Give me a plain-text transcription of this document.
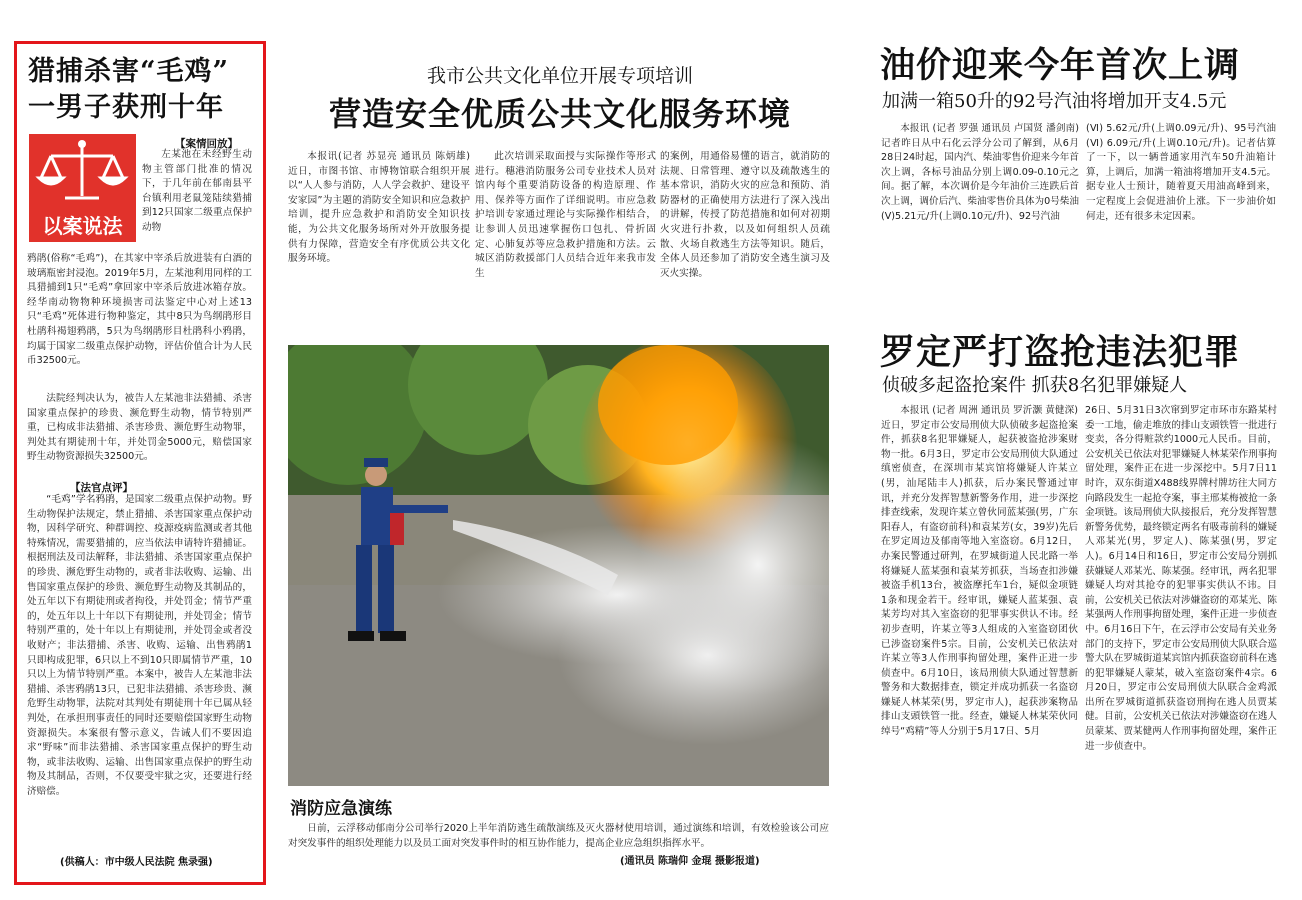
猎捕杀害“毛鸡”
一男子获刑十年
以案说法
【案情回放】

左某池在未经野生动物主管部门批准的情况下，于几年前在郁南县平台镇利用老鼠笼陆续猎捕到12只国家二级重点保护动物

鸦鹃(俗称“毛鸡”)，在其家中宰杀后放进装有白酒的玻璃瓶密封浸泡。2019年5月，左某池利用同样的工具猎捕到1只“毛鸡”拿回家中宰杀后放进冰箱存放。经华南动物物种环境损害司法鉴定中心对上述13只“毛鸡”死体进行物种鉴定，其中8只为鸟纲鹃形目杜鹃科褐翅鸦鹃，5只为鸟纲鹃形目杜鹃科小鸦鹃，均属于国家二级重点保护动物，评估价值合计为人民币32500元。

法院经判决认为，被告人左某池非法猎捕、杀害国家重点保护的珍贵、濒危野生动物，情节特别严重，已构成非法猎捕、杀害珍贵、濒危野生动物罪，判处其有期徒刑十年，并处罚金5000元，赔偿国家野生动物资源损失32500元。

【法官点评】

“毛鸡”学名鸦鹃，是国家二级重点保护动物。野生动物保护法规定，禁止猎捕、杀害国家重点保护动物，因科学研究、种群调控、疫源疫病监测或者其他特殊情况，需要猎捕的，应当依法申请特许猎捕证。根据刑法及司法解释，非法猎捕、杀害国家重点保护的珍贵、濒危野生动物的，或者非法收购、运输、出售国家重点保护的珍贵、濒危野生动物及其制品的，处五年以下有期徒刑或者拘役，并处罚金；情节严重的，处五年以上十年以下有期徒刑，并处罚金；情节特别严重的，处十年以上有期徒刑，并处罚金或者没收财产；非法猎捕、杀害、收购、运输、出售鸦鹃1只即构成犯罪，6只以上不到10只即属情节严重，10只以上为情节特别严重。本案中，被告人左某池非法猎捕、杀害鸦鹃13只，已犯非法猎捕、杀害珍贵、濒危野生动物罪，法院对其判处有期徒刑十年已属从轻判处，在承担刑事责任的同时还要赔偿国家野生动物资源损失。本案很有警示意义，告诫人们不要因追求“野味”而非法猎捕、杀害国家重点保护的野生动物，或非法收购、运输、出售国家重点保护的野生动物及其制品，否则，不仅要受牢狱之灾，还要进行经济赔偿。

(供稿人：市中级人民法院 焦录强)
我市公共文化单位开展专项培训
营造安全优质公共文化服务环境

本报讯(记者 苏显亮 通讯员 陈炳雄) 近日，市图书馆、市博物馆联合组织开展以“人人参与消防，人人学会救护、建设平安家园”为主题的消防安全知识和应急救护培训，提升应急救护和消防安全知识技能，为公共文化服务场所对外开放服务提供有力保障，营造安全有序优质公共文化服务环境。

此次培训采取面授与实际操作等形式进行。穗港消防服务公司专业技术人员对馆内每个重要消防设备的构造原理、作用、保养等方面作了详细说明。市应急救护培训专家通过理论与实际操作相结合，让参训人员迅速掌握伤口包扎、骨折固定、心肺复苏等应急救护措施和方法。云城区消防救援部门人员结合近年来我市发生

的案例，用通俗易懂的语言，就消防的法规、日常管理、遵守以及疏散逃生的基本常识，消防火灾的应急和预防、消防器材的正确使用方法进行了深入浅出的讲解，传授了防范措施和如何对初期火灾进行扑救，以及如何组织人员疏散、火场自救逃生方法等知识。随后，全体人员还参加了消防安全逃生演习及灭火实操。

消防应急演练

日前，云浮移动郁南分公司举行2020上半年消防逃生疏散演练及灭火器材使用培训，通过演练和培训，有效检验该公司应对突发事件的组织处理能力以及员工面对突发事件时的相互协作能力，提高企业应急组织指挥水平。

(通讯员 陈瑞仰 金琨 摄影报道)
油价迎来今年首次上调
加满一箱50升的92号汽油将增加开支4.5元

本报讯 (记者 罗强 通讯员 卢国贤 潘剑南)记者昨日从中石化云浮分公司了解到，从6月28日24时起，国内汽、柴油零售价迎来今年首次上调，各标号油品分别上调0.09-0.10元之间。据了解，本次调价是今年油价三连跌后首次上调，调价后汽、柴油零售价具体为0号柴油(Ⅴ)5.21元/升(上调0.10元/升)、92号汽油

(Ⅵ) 5.62元/升(上调0.09元/升)、95号汽油(Ⅵ) 6.09元/升(上调0.10元/升)。记者估算了一下，以一辆普通家用汽车50升油箱计算，上调后，加满一箱油将增加开支4.5元。据专业人士预计，随着夏天用油高峰到来，一定程度上会促进油价上涨。下一步油价如何走，还有很多未定因素。

罗定严打盗抢违法犯罪
侦破多起盗抢案件 抓获8名犯罪嫌疑人

本报讯 (记者 周洲 通讯员 罗沂灏 黄健深)近日，罗定市公安局刑侦大队侦破多起盗抢案件，抓获8名犯罪嫌疑人，起获被盗抢涉案财物一批。6月3日，罗定市公安局刑侦大队通过缜密侦查，在深圳市某宾馆将嫌疑人许某立(男，汕尾陆丰人)抓获，后办案民警通过审讯，并充分发挥智慧新警务作用，进一步深挖排查线索，发现许某立曾伙同蓝某强(男，广东阳春人，有盗窃前科)和袁某芳(女，39岁)先后在罗定周边及郁南等地入室盗窃。6月12日，办案民警通过研判，在罗城街道人民北路一举将嫌疑人蓝某强和袁某芳抓获，当场查扣涉嫌被盗手机13台，被盗摩托车1台，疑似金项链1条和现金若干。经审讯，嫌疑人蓝某强、袁某芳均对其入室盗窃的犯罪事实供认不讳。经初步查明，许某立等3人组成的入室盗窃团伙已涉盗窃案件5宗。目前，公安机关已依法对许某立等3人作刑事拘留处理，案件正进一步侦查中。6月10日，该局刑侦大队通过智慧新警务和大数据排查，锁定并成功抓获一名盗窃嫌疑人林某荣(男，罗定市人)，起获涉案物品排山支頭铁管一批。经查，嫌疑人林某荣伙同绰号“鸡精”等人分别于5月17日、5月

26日、5月31日3次窜到罗定市环市东路某村委一工地，偷走堆放的排山支頭铁管一批进行变卖，各分得赃款约1000元人民币。目前，公安机关已依法对犯罪嫌疑人林某荣作刑事拘留处理，案件正在进一步深挖中。5月7日11时许，双东街道X488线界牌村牌坊往大同方向路段发生一起抢夺案，事主邢某梅被抢一条金项链。该局刑侦大队接报后，充分发挥智慧新警务优势，最终锁定两名有吸毒前科的嫌疑人邓某光(男，罗定人)、陈某强(男，罗定人)。6月14日和16日，罗定市公安局分别抓获嫌疑人邓某光、陈某强。经审讯，两名犯罪嫌疑人均对其抢夺的犯罪事实供认不讳。目前，公安机关已依法对涉嫌盗窃的邓某光、陈某强两人作刑事拘留处理，案件正进一步侦查中。6月16日下午，在云浮市公安局有关业务部门的支持下，罗定市公安局刑侦大队联合巡警大队在罗城街道某宾馆内抓获盗窃前科在逃的犯罪嫌疑人蒙某，破入室盗窃案件4宗。6月20日，罗定市公安局刑侦大队联合金鸡派出所在罗城街道抓获盗窃刑拘在逃人员贾某健。目前，公安机关已依法对涉嫌盗窃在逃人员蒙某、贾某健两人作刑事拘留处理，案件正进一步侦查中。
